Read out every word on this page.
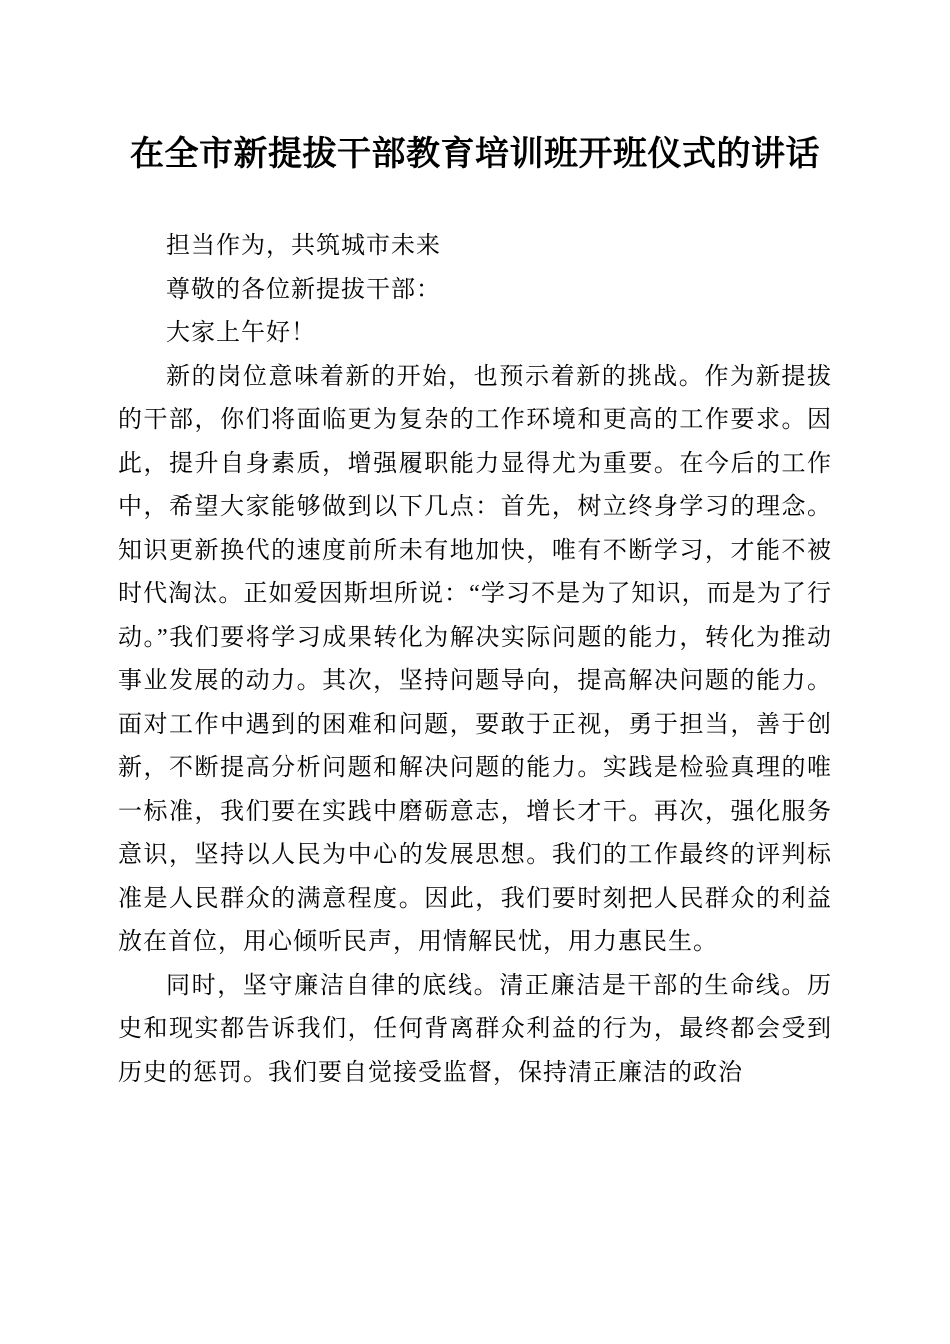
在全市新提拔干部教育培训班开班仪式的讲话

担当作为，共筑城市未来

尊敬的各位新提拔干部：

大家上午好！

新的岗位意味着新的开始，也预示着新的挑战。作为新提拔的干部，你们将面临更为复杂的工作环境和更高的工作要求。因此，提升自身素质，增强履职能力显得尤为重要。在今后的工作中，希望大家能够做到以下几点：首先，树立终身学习的理念。知识更新换代的速度前所未有地加快，唯有不断学习，才能不被时代淘汰。正如爱因斯坦所说：“学习不是为了知识，而是为了行动。”我们要将学习成果转化为解决实际问题的能力，转化为推动事业发展的动力。其次，坚持问题导向，提高解决问题的能力。面对工作中遇到的困难和问题，要敢于正视，勇于担当，善于创新，不断提高分析问题和解决问题的能力。实践是检验真理的唯一标准，我们要在实践中磨砺意志，增长才干。再次，强化服务意识，坚持以人民为中心的发展思想。我们的工作最终的评判标准是人民群众的满意程度。因此，我们要时刻把人民群众的利益放在首位，用心倾听民声，用情解民忧，用力惠民生。

同时，坚守廉洁自律的底线。清正廉洁是干部的生命线。历史和现实都告诉我们，任何背离群众利益的行为，最终都会受到历史的惩罚。我们要自觉接受监督，保持清正廉洁的政治
